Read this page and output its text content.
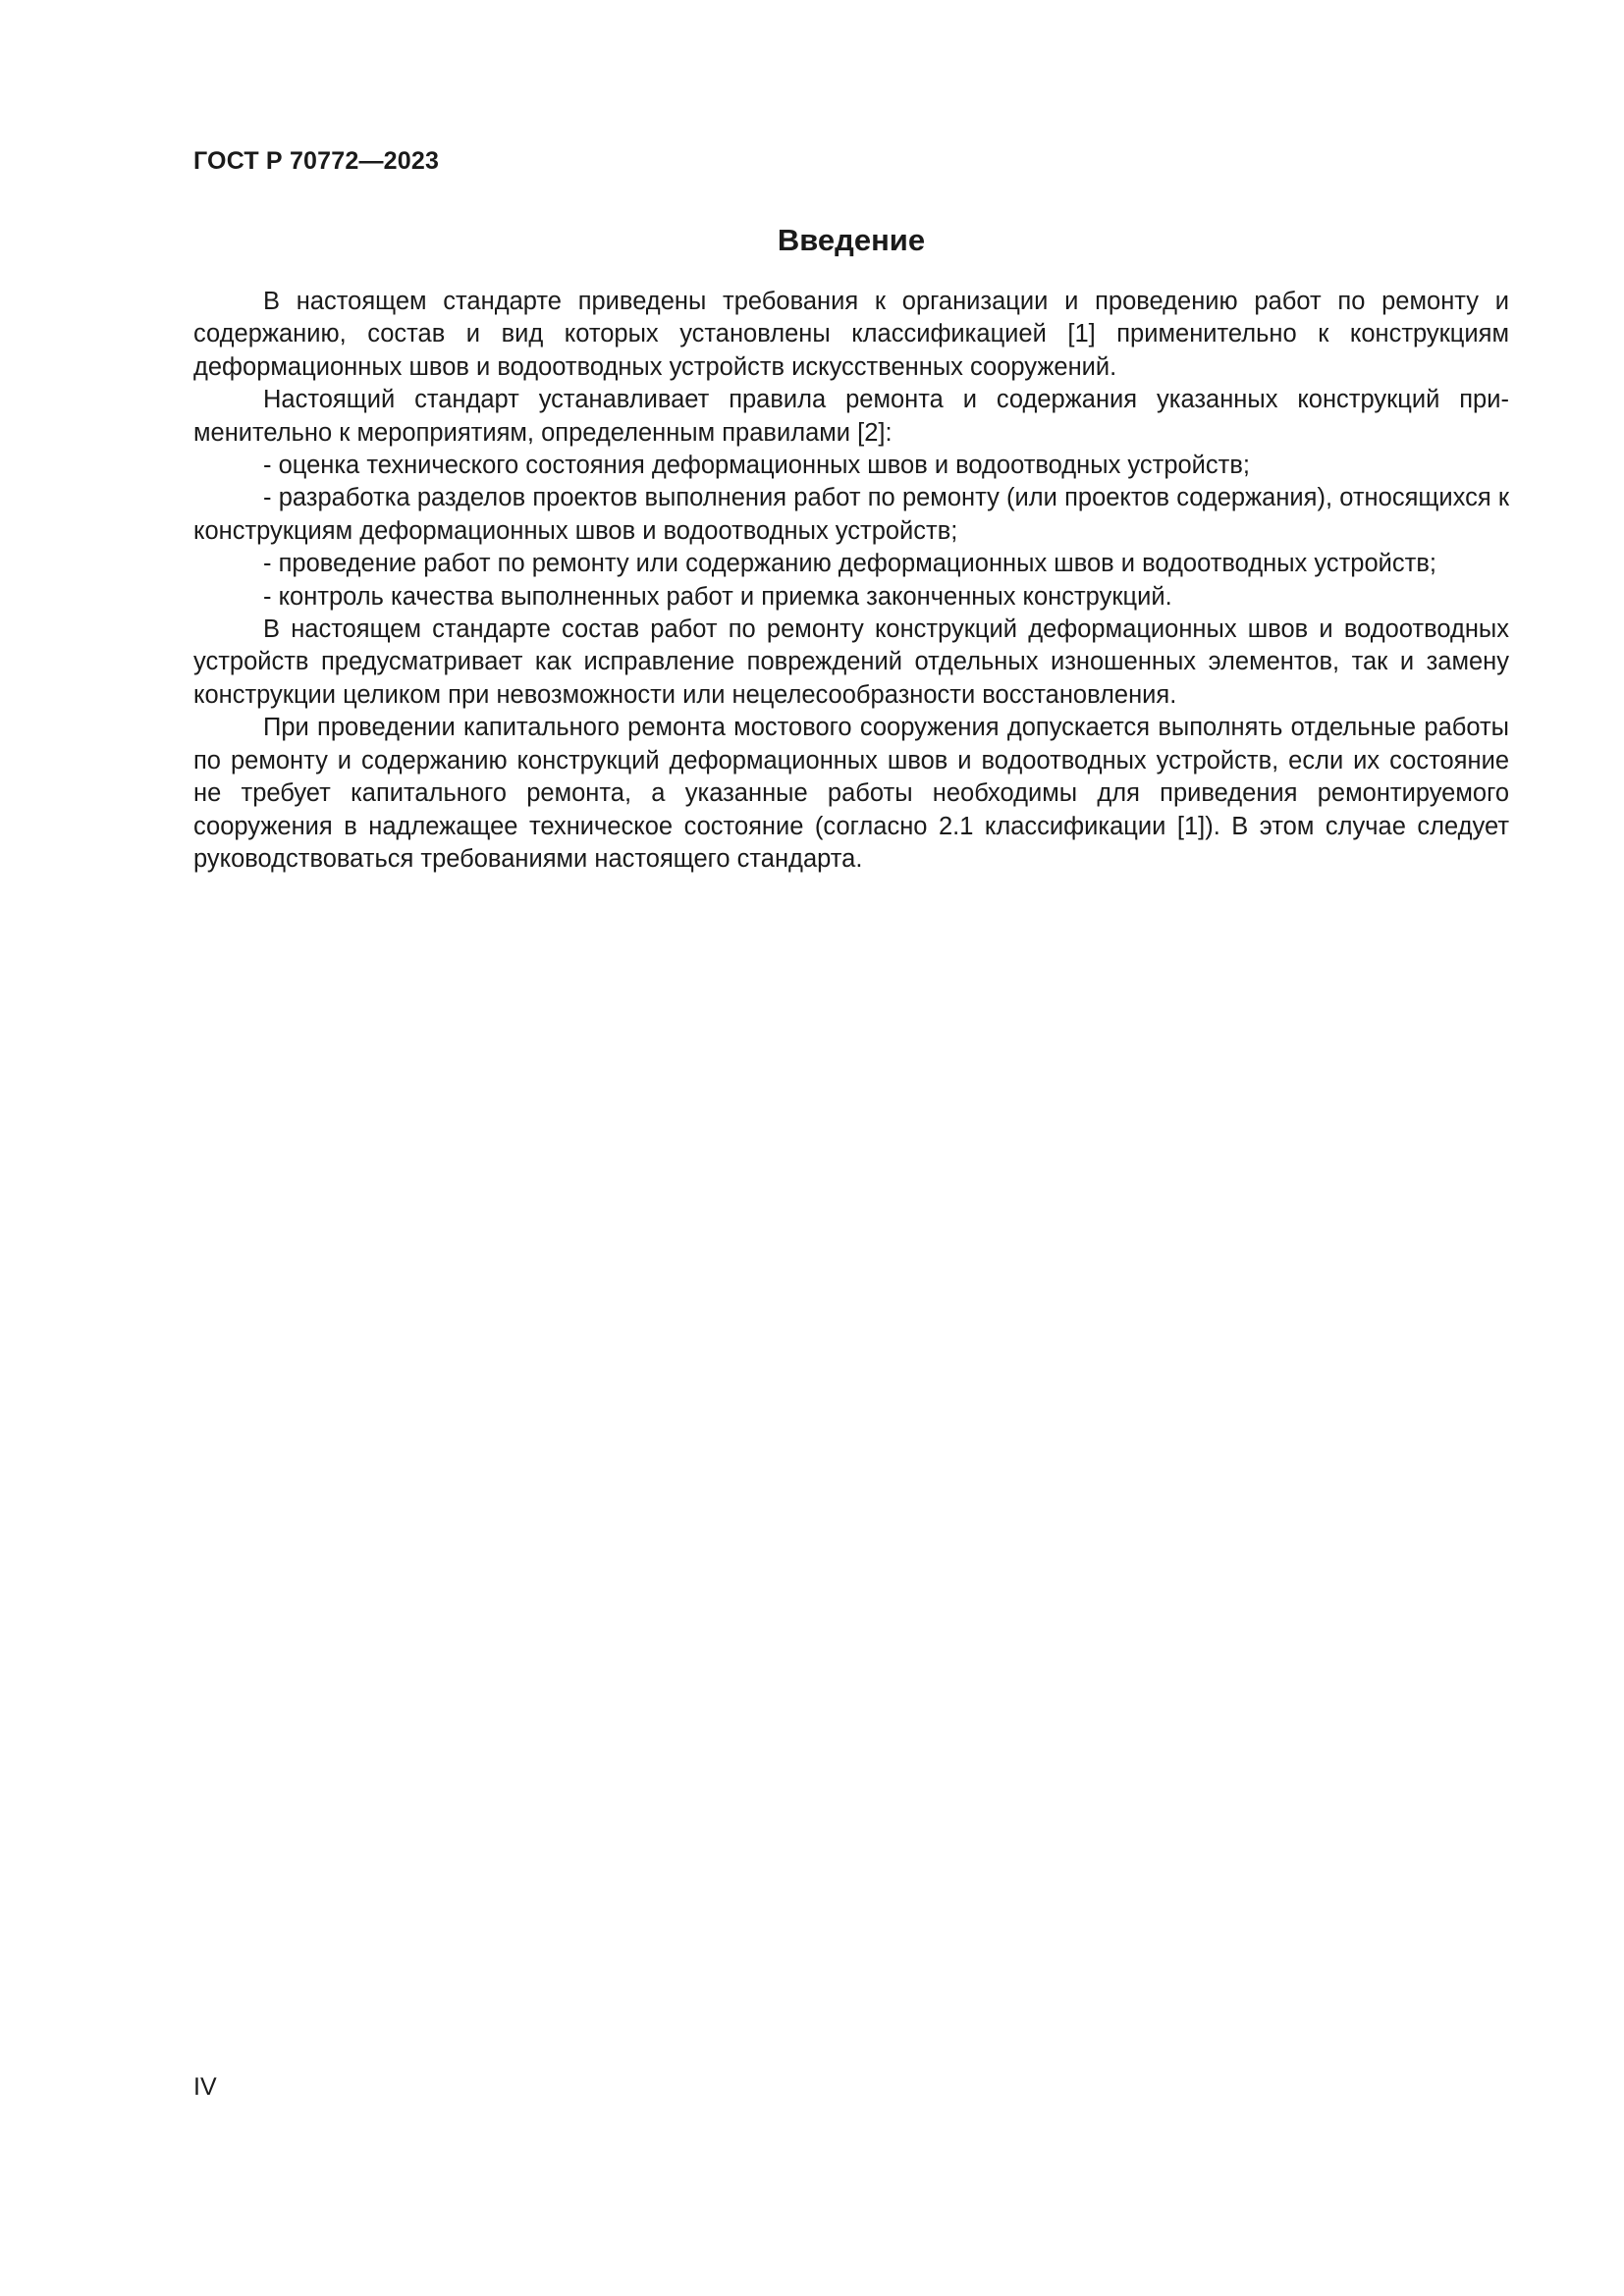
ГОСТ Р 70772—2023
Введение

В настоящем стандарте приведены требования к организации и проведению работ по ремонту и содержанию, состав и вид которых установлены классификацией [1] применительно к конструкциям деформационных швов и водоотводных устройств искусственных сооружений.

Настоящий стандарт устанавливает правила ремонта и содержания указанных конструкций применительно к мероприятиям, определенным правилами [2]:

- оценка технического состояния деформационных швов и водоотводных устройств;

- разработка разделов проектов выполнения работ по ремонту (или проектов содержания), относящихся к конструкциям деформационных швов и водоотводных устройств;

- проведение работ по ремонту или содержанию деформационных швов и водоотводных устройств;

- контроль качества выполненных работ и приемка законченных конструкций.

В настоящем стандарте состав работ по ремонту конструкций деформационных швов и водоотводных устройств предусматривает как исправление повреждений отдельных изношенных элементов, так и замену конструкции целиком при невозможности или нецелесообразности восстановления.

При проведении капитального ремонта мостового сооружения допускается выполнять отдельные работы по ремонту и содержанию конструкций деформационных швов и водоотводных устройств, если их состояние не требует капитального ремонта, а указанные работы необходимы для приведения ремонтируемого сооружения в надлежащее техническое состояние (согласно 2.1 классификации [1]). В этом случае следует руководствоваться требованиями настоящего стандарта.

IV
